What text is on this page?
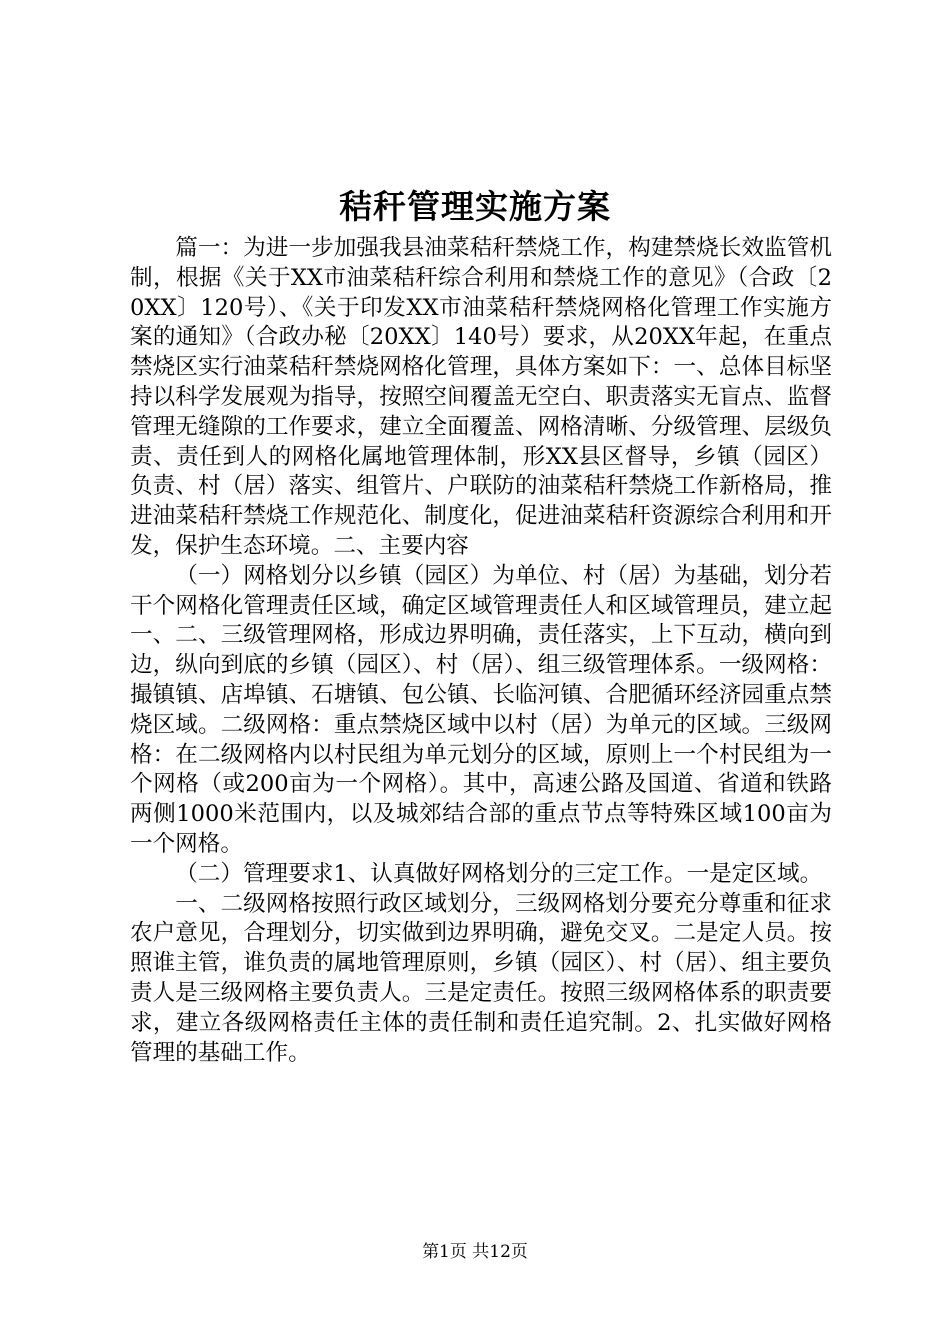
秸秆管理实施方案

篇一：为进一步加强我县油菜秸秆禁烧工作，构建禁烧长效监管机制，根据《关于XX市油菜秸秆综合利用和禁烧工作的意见》（合政〔20XX〕120号）、《关于印发XX市油菜秸秆禁烧网格化管理工作实施方案的通知》（合政办秘〔20XX〕140号）要求，从20XX年起，在重点禁烧区实行油菜秸秆禁烧网格化管理，具体方案如下：一、总体目标坚持以科学发展观为指导，按照空间覆盖无空白、职责落实无盲点、监督管理无缝隙的工作要求，建立全面覆盖、网格清晰、分级管理、层级负责、责任到人的网格化属地管理体制，形XX县区督导，乡镇（园区）负责、村（居）落实、组管片、户联防的油菜秸秆禁烧工作新格局，推进油菜秸秆禁烧工作规范化、制度化，促进油菜秸秆资源综合利用和开发，保护生态环境。二、主要内容

（一）网格划分以乡镇（园区）为单位、村（居）为基础，划分若干个网格化管理责任区域，确定区域管理责任人和区域管理员，建立起一、二、三级管理网格，形成边界明确，责任落实，上下互动，横向到边，纵向到底的乡镇（园区）、村（居）、组三级管理体系。一级网格：撮镇镇、店埠镇、石塘镇、包公镇、长临河镇、合肥循环经济园重点禁烧区域。二级网格：重点禁烧区域中以村（居）为单元的区域。三级网格：在二级网格内以村民组为单元划分的区域，原则上一个村民组为一个网格（或200亩为一个网格）。其中，高速公路及国道、省道和铁路两侧1000米范围内，以及城郊结合部的重点节点等特殊区域100亩为一个网格。

（二）管理要求1、认真做好网格划分的三定工作。一是定区域。

一、二级网格按照行政区域划分，三级网格划分要充分尊重和征求农户意见，合理划分，切实做到边界明确，避免交叉。二是定人员。按照谁主管，谁负责的属地管理原则，乡镇（园区）、村（居）、组主要负责人是三级网格主要负责人。三是定责任。按照三级网格体系的职责要求，建立各级网格责任主体的责任制和责任追究制。2、扎实做好网格管理的基础工作。

第1页 共12页
